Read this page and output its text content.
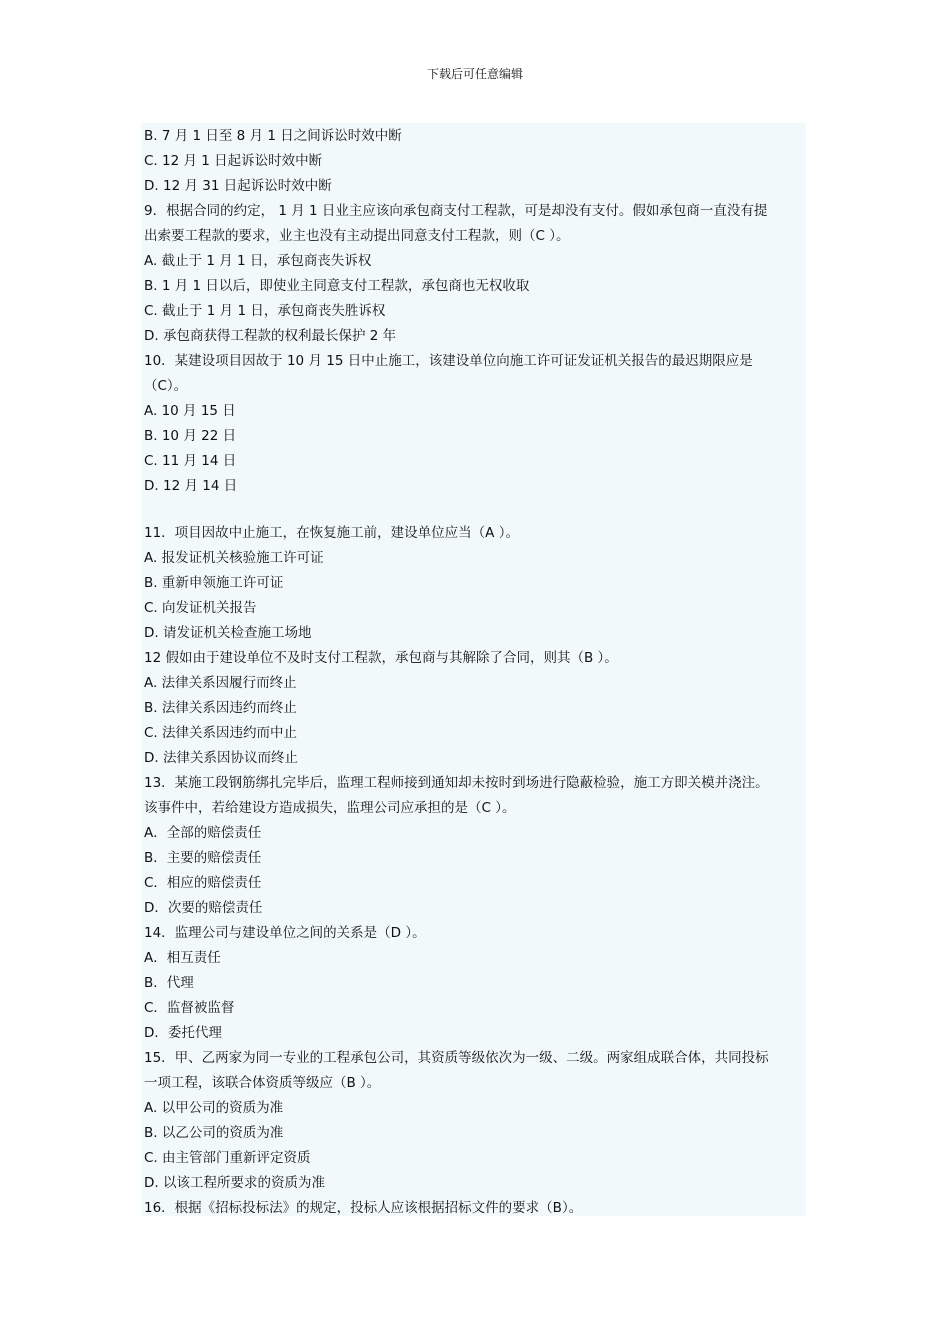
下载后可任意编辑
B. 7 月 1 日至 8 月 1 日之间诉讼时效中断
C. 12 月 1 日起诉讼时效中断
D. 12 月 31 日起诉讼时效中断
9．根据合同的约定， 1 月 1 日业主应该向承包商支付工程款，可是却没有支付。假如承包商一直没有提
出索要工程款的要求，业主也没有主动提出同意支付工程款，则（C ）。
A. 截止于 1 月 1 日，承包商丧失诉权
B. 1 月 1 日以后，即使业主同意支付工程款，承包商也无权收取
C. 截止于 1 月 1 日，承包商丧失胜诉权
D. 承包商获得工程款的权利最长保护 2 年
10．某建设项目因故于 10 月 15 日中止施工，该建设单位向施工许可证发证机关报告的最迟期限应是
（C）。
A. 10 月 15 日
B. 10 月 22 日
C. 11 月 14 日
D. 12 月 14 日
11．项目因故中止施工，在恢复施工前，建设单位应当（A ）。
A. 报发证机关核验施工许可证
B. 重新申领施工许可证
C. 向发证机关报告
D. 请发证机关检查施工场地
12 假如由于建设单位不及时支付工程款，承包商与其解除了合同，则其（B ）。
A. 法律关系因履行而终止
B. 法律关系因违约而终止
C. 法律关系因违约而中止
D. 法律关系因协议而终止
13．某施工段钢筋绑扎完毕后，监理工程师接到通知却未按时到场进行隐蔽检验，施工方即关模并浇注。
该事件中，若给建设方造成损失，监理公司应承担的是（C ）。
A．全部的赔偿责任
B．主要的赔偿责任
C．相应的赔偿责任
D．次要的赔偿责任
14．监理公司与建设单位之间的关系是（D ）。
A．相互责任
B．代理
C．监督被监督
D．委托代理
15．甲、乙两家为同一专业的工程承包公司，其资质等级依次为一级、二级。两家组成联合体，共同投标
一项工程，该联合体资质等级应（B ）。
A. 以甲公司的资质为准
B. 以乙公司的资质为准
C. 由主管部门重新评定资质
D. 以该工程所要求的资质为准
16．根据《招标投标法》的规定，投标人应该根据招标文件的要求（B）。
